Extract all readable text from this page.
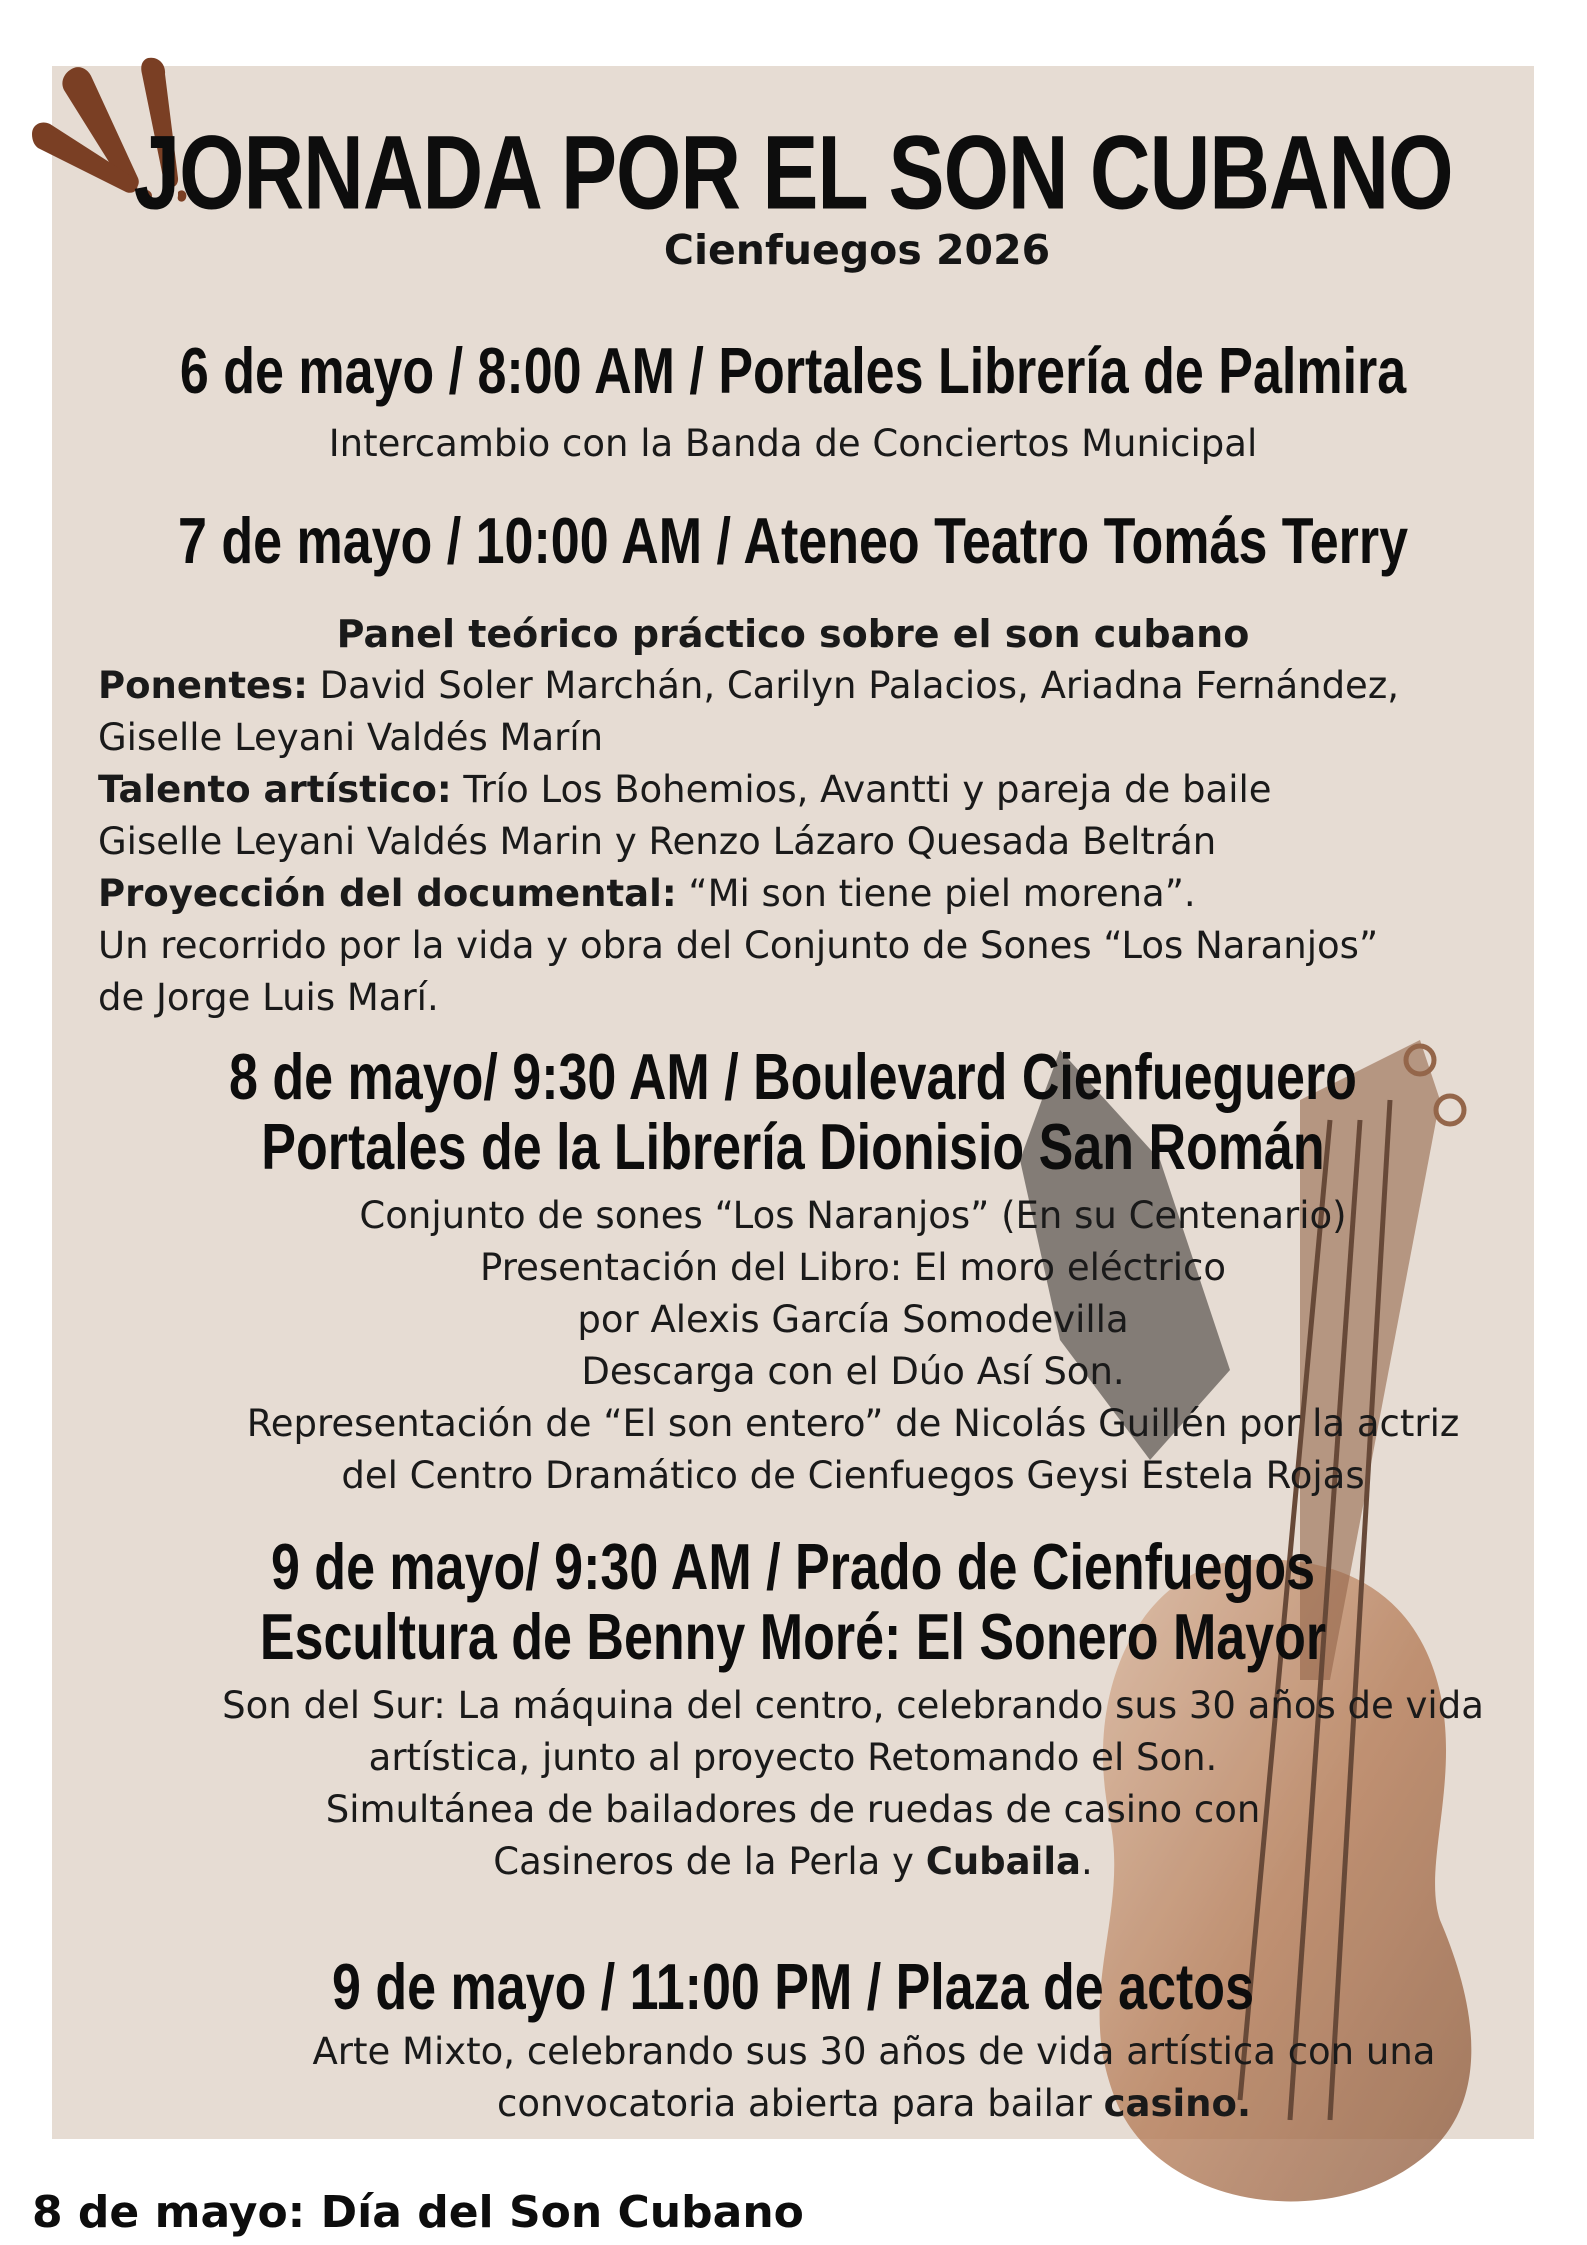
JORNADA POR EL SON CUBANO
Cienfuegos 2026
6 de mayo / 8:00 AM / Portales Librería de Palmira
Intercambio con la Banda de Conciertos Municipal
7 de mayo / 10:00 AM / Ateneo Teatro Tomás Terry
Panel teórico práctico sobre el son cubano
Ponentes: David Soler Marchán, Carilyn Palacios, Ariadna Fernández,
Giselle Leyani Valdés Marín
Talento artístico: Trío Los Bohemios, Avantti y pareja de baile
Giselle Leyani Valdés Marin y Renzo Lázaro Quesada Beltrán
Proyección del documental: “Mi son tiene piel morena”.
Un recorrido por la vida y obra del Conjunto de Sones “Los Naranjos”
de Jorge Luis Marí.
8 de mayo/ 9:30 AM / Boulevard Cienfueguero
Portales de la Librería Dionisio San Román
Conjunto de sones “Los Naranjos” (En su Centenario)
Presentación del Libro: El moro eléctrico
por Alexis García Somodevilla
Descarga con el Dúo Así Son.
Representación de “El son entero” de Nicolás Guillén por la actriz
del Centro Dramático de Cienfuegos Geysi Estela Rojas
9 de mayo/ 9:30 AM / Prado de Cienfuegos
Escultura de Benny Moré: El Sonero Mayor
Son del Sur: La máquina del centro, celebrando sus 30 años de vida
artística, junto al proyecto Retomando el Son.
Simultánea de bailadores de ruedas de casino con
Casineros de la Perla y Cubaila.
9 de mayo / 11:00 PM / Plaza de actos
Arte Mixto, celebrando sus 30 años de vida artística con una
convocatoria abierta para bailar casino.
8 de mayo: Día del Son Cubano
